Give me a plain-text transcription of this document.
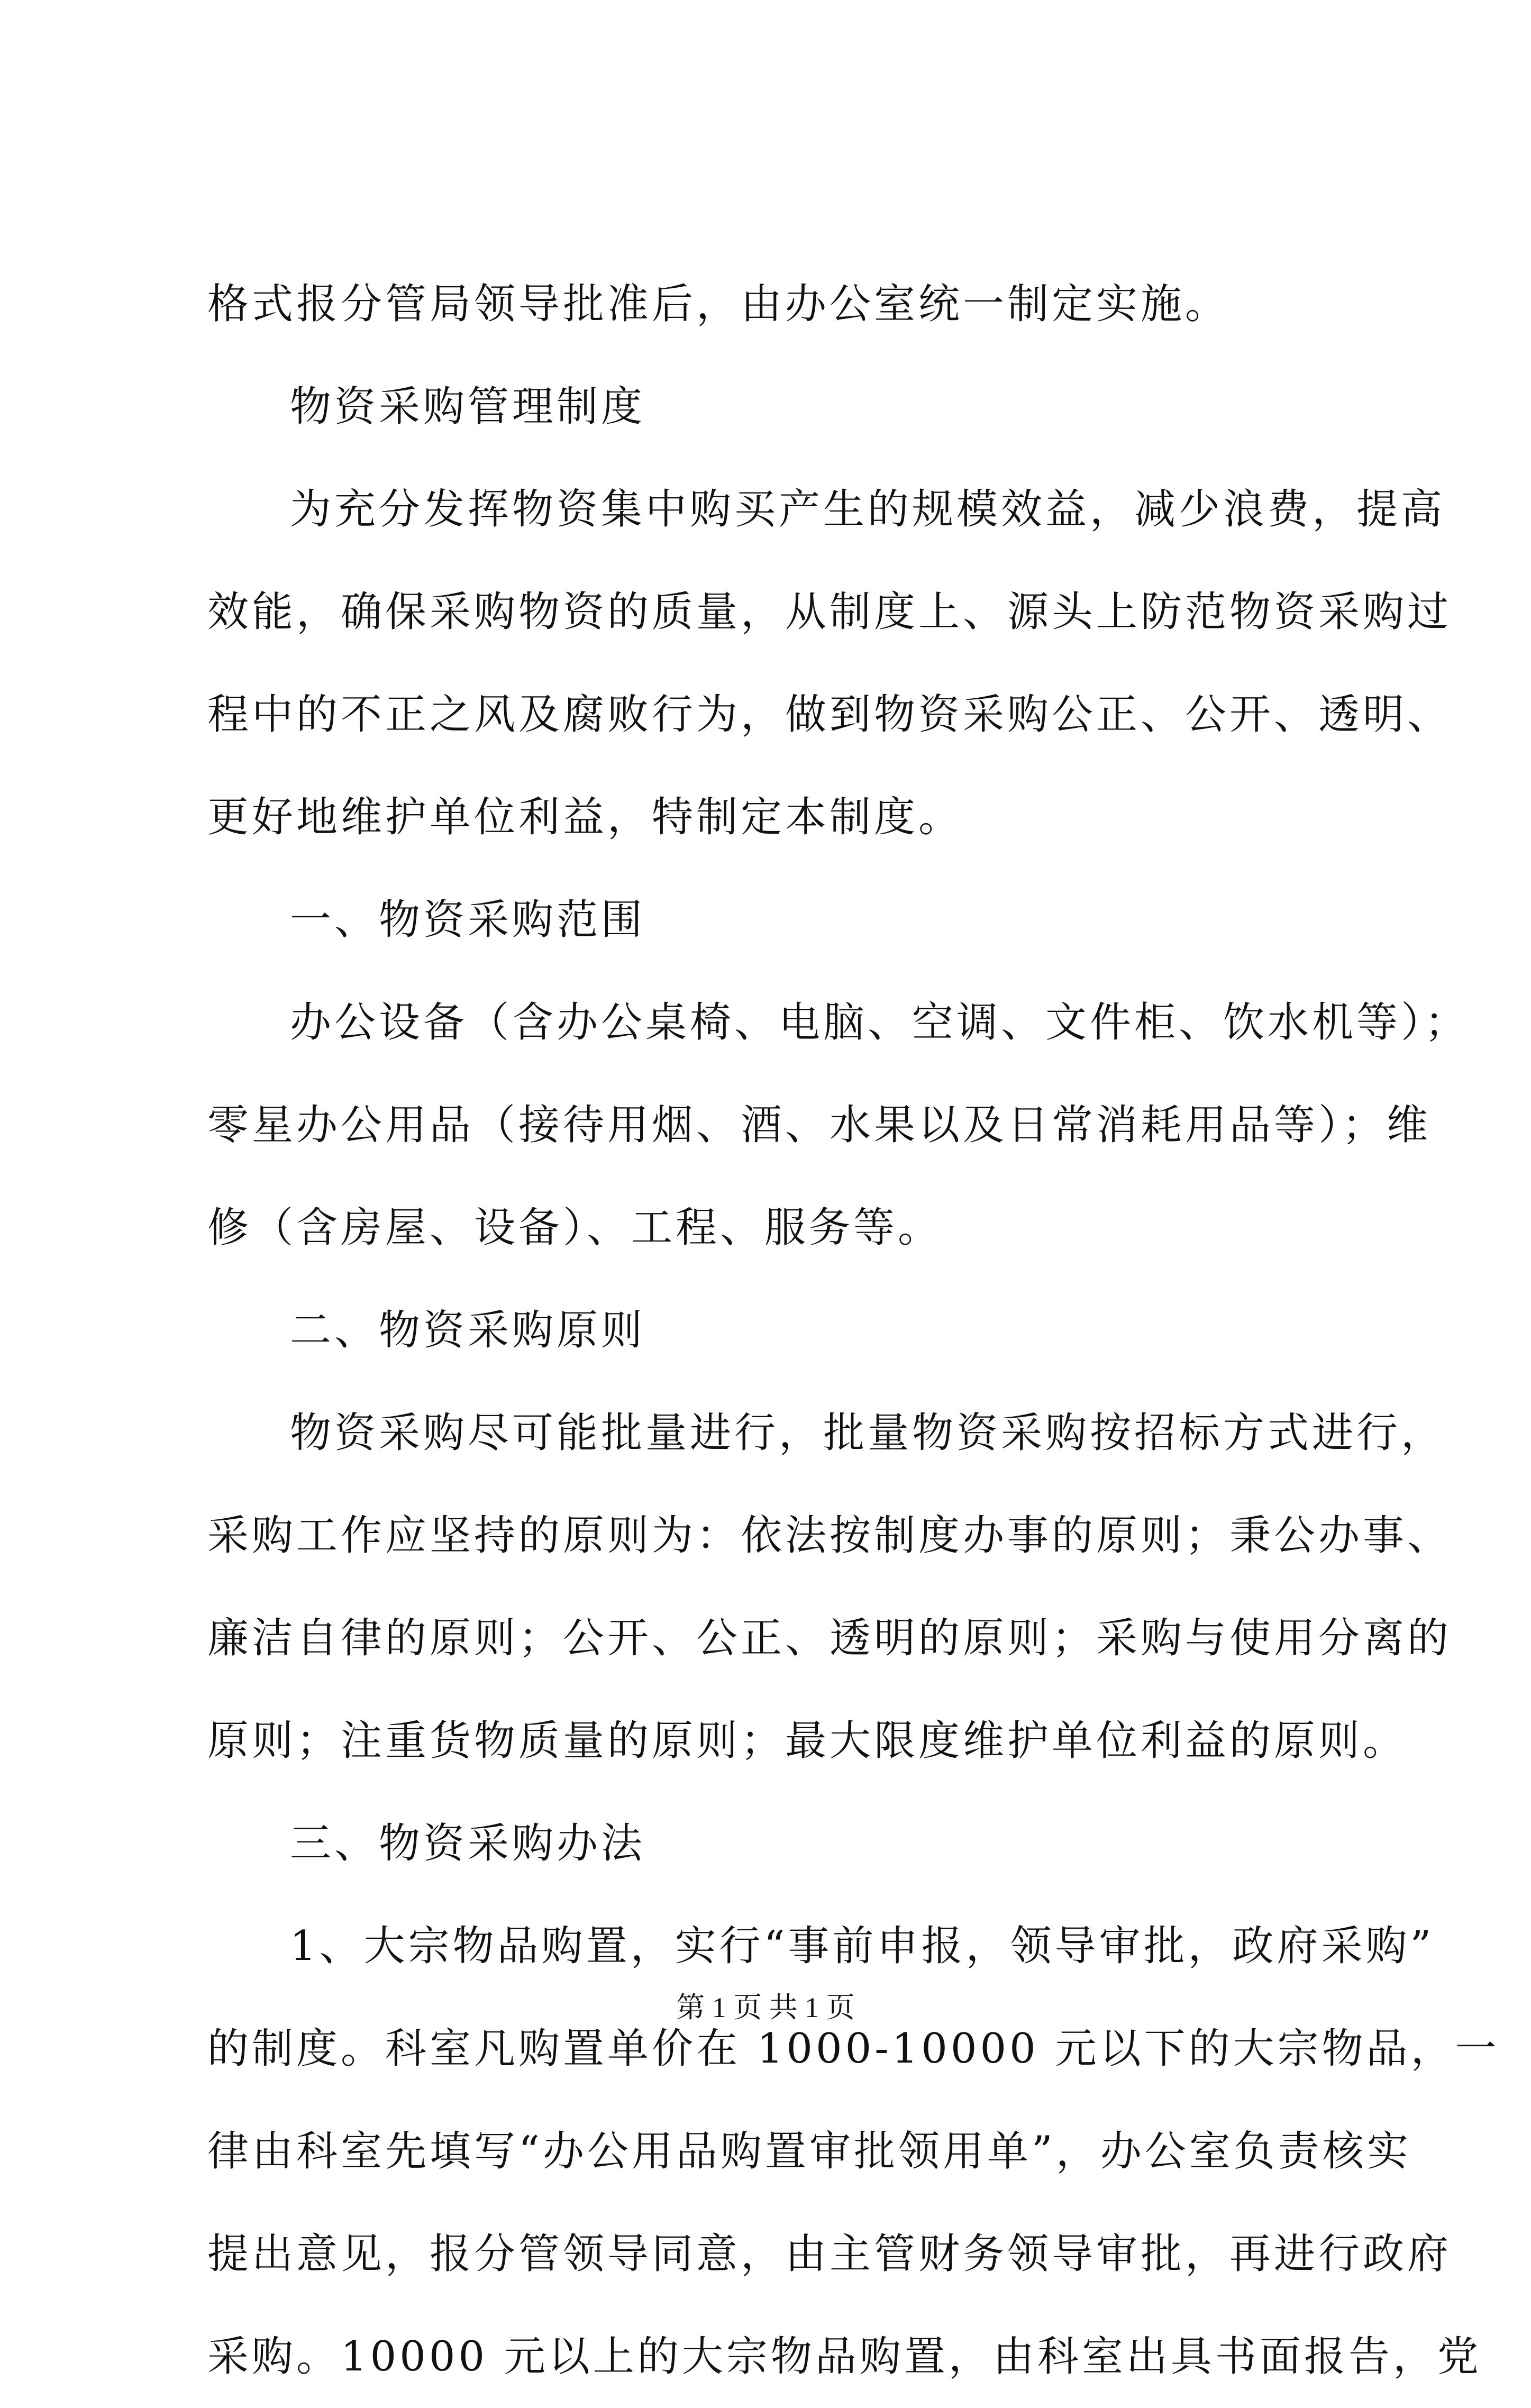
格式报分管局领导批准后，由办公室统一制定实施。
物资采购管理制度
为充分发挥物资集中购买产生的规模效益，减少浪费，提高
效能，确保采购物资的质量，从制度上、源头上防范物资采购过
程中的不正之风及腐败行为，做到物资采购公正、公开、透明、
更好地维护单位利益，特制定本制度。
一、物资采购范围
办公设备（含办公桌椅、电脑、空调、文件柜、饮水机等）；
零星办公用品（接待用烟、酒、水果以及日常消耗用品等）；维
修（含房屋、设备）、工程、服务等。
二、物资采购原则
物资采购尽可能批量进行，批量物资采购按招标方式进行，
采购工作应坚持的原则为：依法按制度办事的原则；秉公办事、
廉洁自律的原则；公开、公正、透明的原则；采购与使用分离的
原则；注重货物质量的原则；最大限度维护单位利益的原则。
三、物资采购办法
1、大宗物品购置，实行“事前申报，领导审批，政府采购”
的制度。科室凡购置单价在 1000-10000 元以下的大宗物品，一
律由科室先填写“办公用品购置审批领用单”，办公室负责核实
提出意见，报分管领导同意，由主管财务领导审批，再进行政府
采购。10000 元以上的大宗物品购置，由科室出具书面报告，党
第 1 页 共 1 页
